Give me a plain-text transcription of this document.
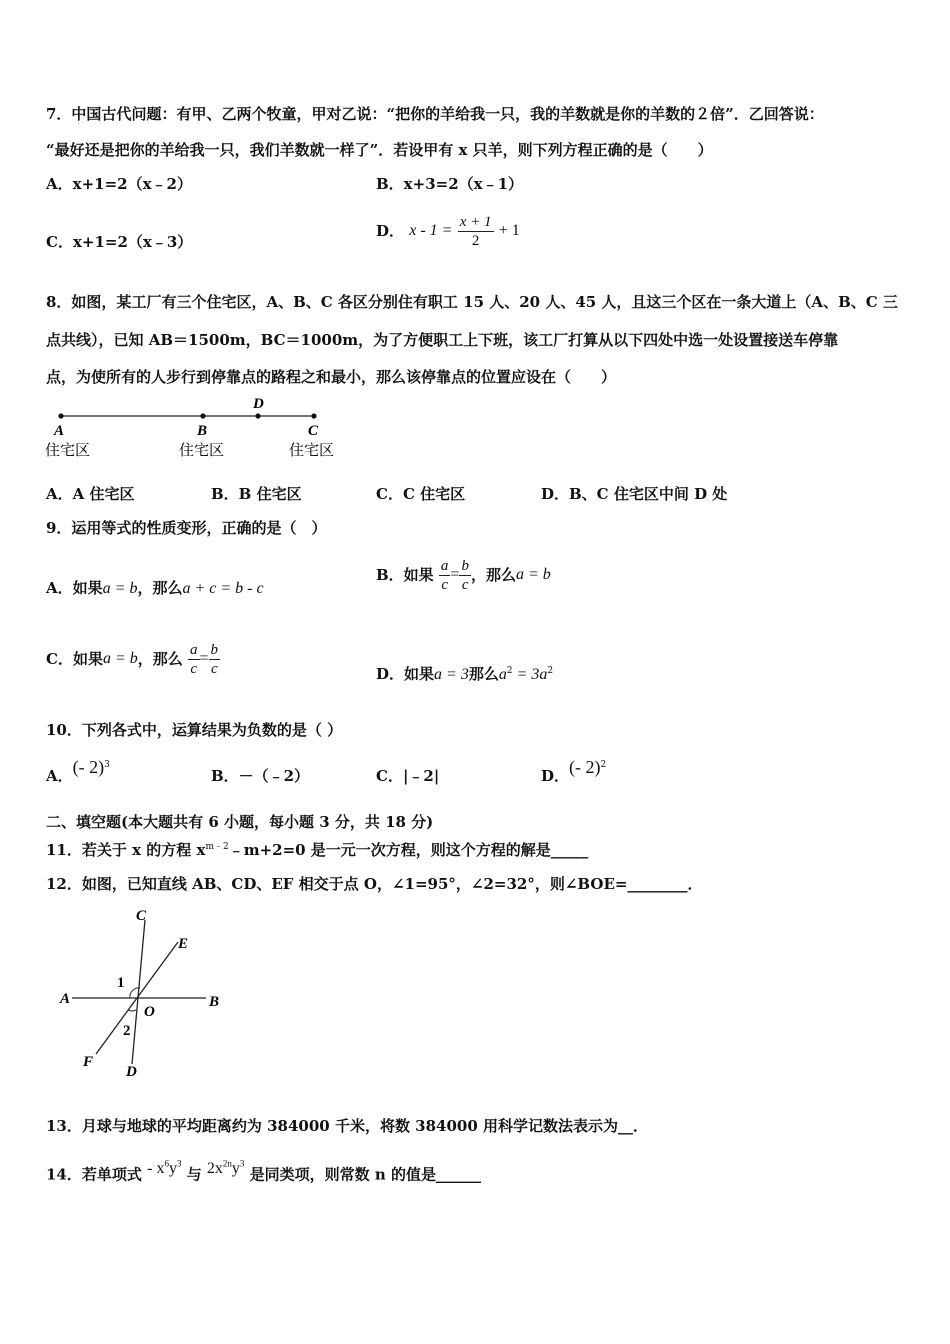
7．中国古代问题：有甲、乙两个牧童，甲对乙说：“把你的羊给我一只，我的羊数就是你的羊数的２倍”．乙回答说：
“最好还是把你的羊给我一只，我们羊数就一样了”．若设甲有 x 只羊，则下列方程正确的是（　　）
A．x+1=2（x﹣2）	B．x+3=2（x﹣1）
C．x+1=2（x﹣3）
D． $x - 1 = \frac{x + 1}{2} + 1$
8．如图，某工厂有三个住宅区，A、B、C 各区分别住有职工 15 人、20 人、45 人，且这三个区在一条大道上（A、B、C 三
点共线），已知 AB＝1500m，BC＝1000m，为了方便职工上下班，该工厂打算从以下四处中选一处设置接送车停靠
点，为使所有的人步行到停靠点的路程之和最小，那么该停靠点的位置应设在（　　）
A	B
D
C
住宅区	住宅区	住宅区
A．A 住宅区	B．B 住宅区	C．C 住宅区	D．B、C 住宅区中间 D 处
9．运用等式的性质变形，正确的是（　）
A．如果a = b，那么a + c = b - c
B．如果 $\frac{a}{c} = \frac{b}{c}$ ，那么a = b
C．如果a = b，那么 $\frac{a}{c} = \frac{b}{c}$	D．如果a = 3那么$a^2 = 3a^2$
10．下列各式中，运算结果为负数的是（ ）
A．(- 2)$^3$
B．－（﹣2）	C．|﹣2|	D．(- 2)$^2$
二、填空题(本大题共有 6 小题，每小题 3 分，共 18 分)
11．若关于 x 的方程 $x^{m﹣2}﹣m+2=0$ 是一元一次方程，则这个方程的解是_____
12．如图，已知直线 AB、CD、EF 相交于点 O，∠1=95°，∠2=32°，则∠BOE=________．
C
E
A	B
O
1
2
F
D
13．月球与地球的平均距离约为 384000 千米，将数 384000 用科学记数法表示为__．
14．若单项式 - $x^6y^3$ 与 $2x^{2n}y^3$ 是同类项，则常数 n 的值是______
